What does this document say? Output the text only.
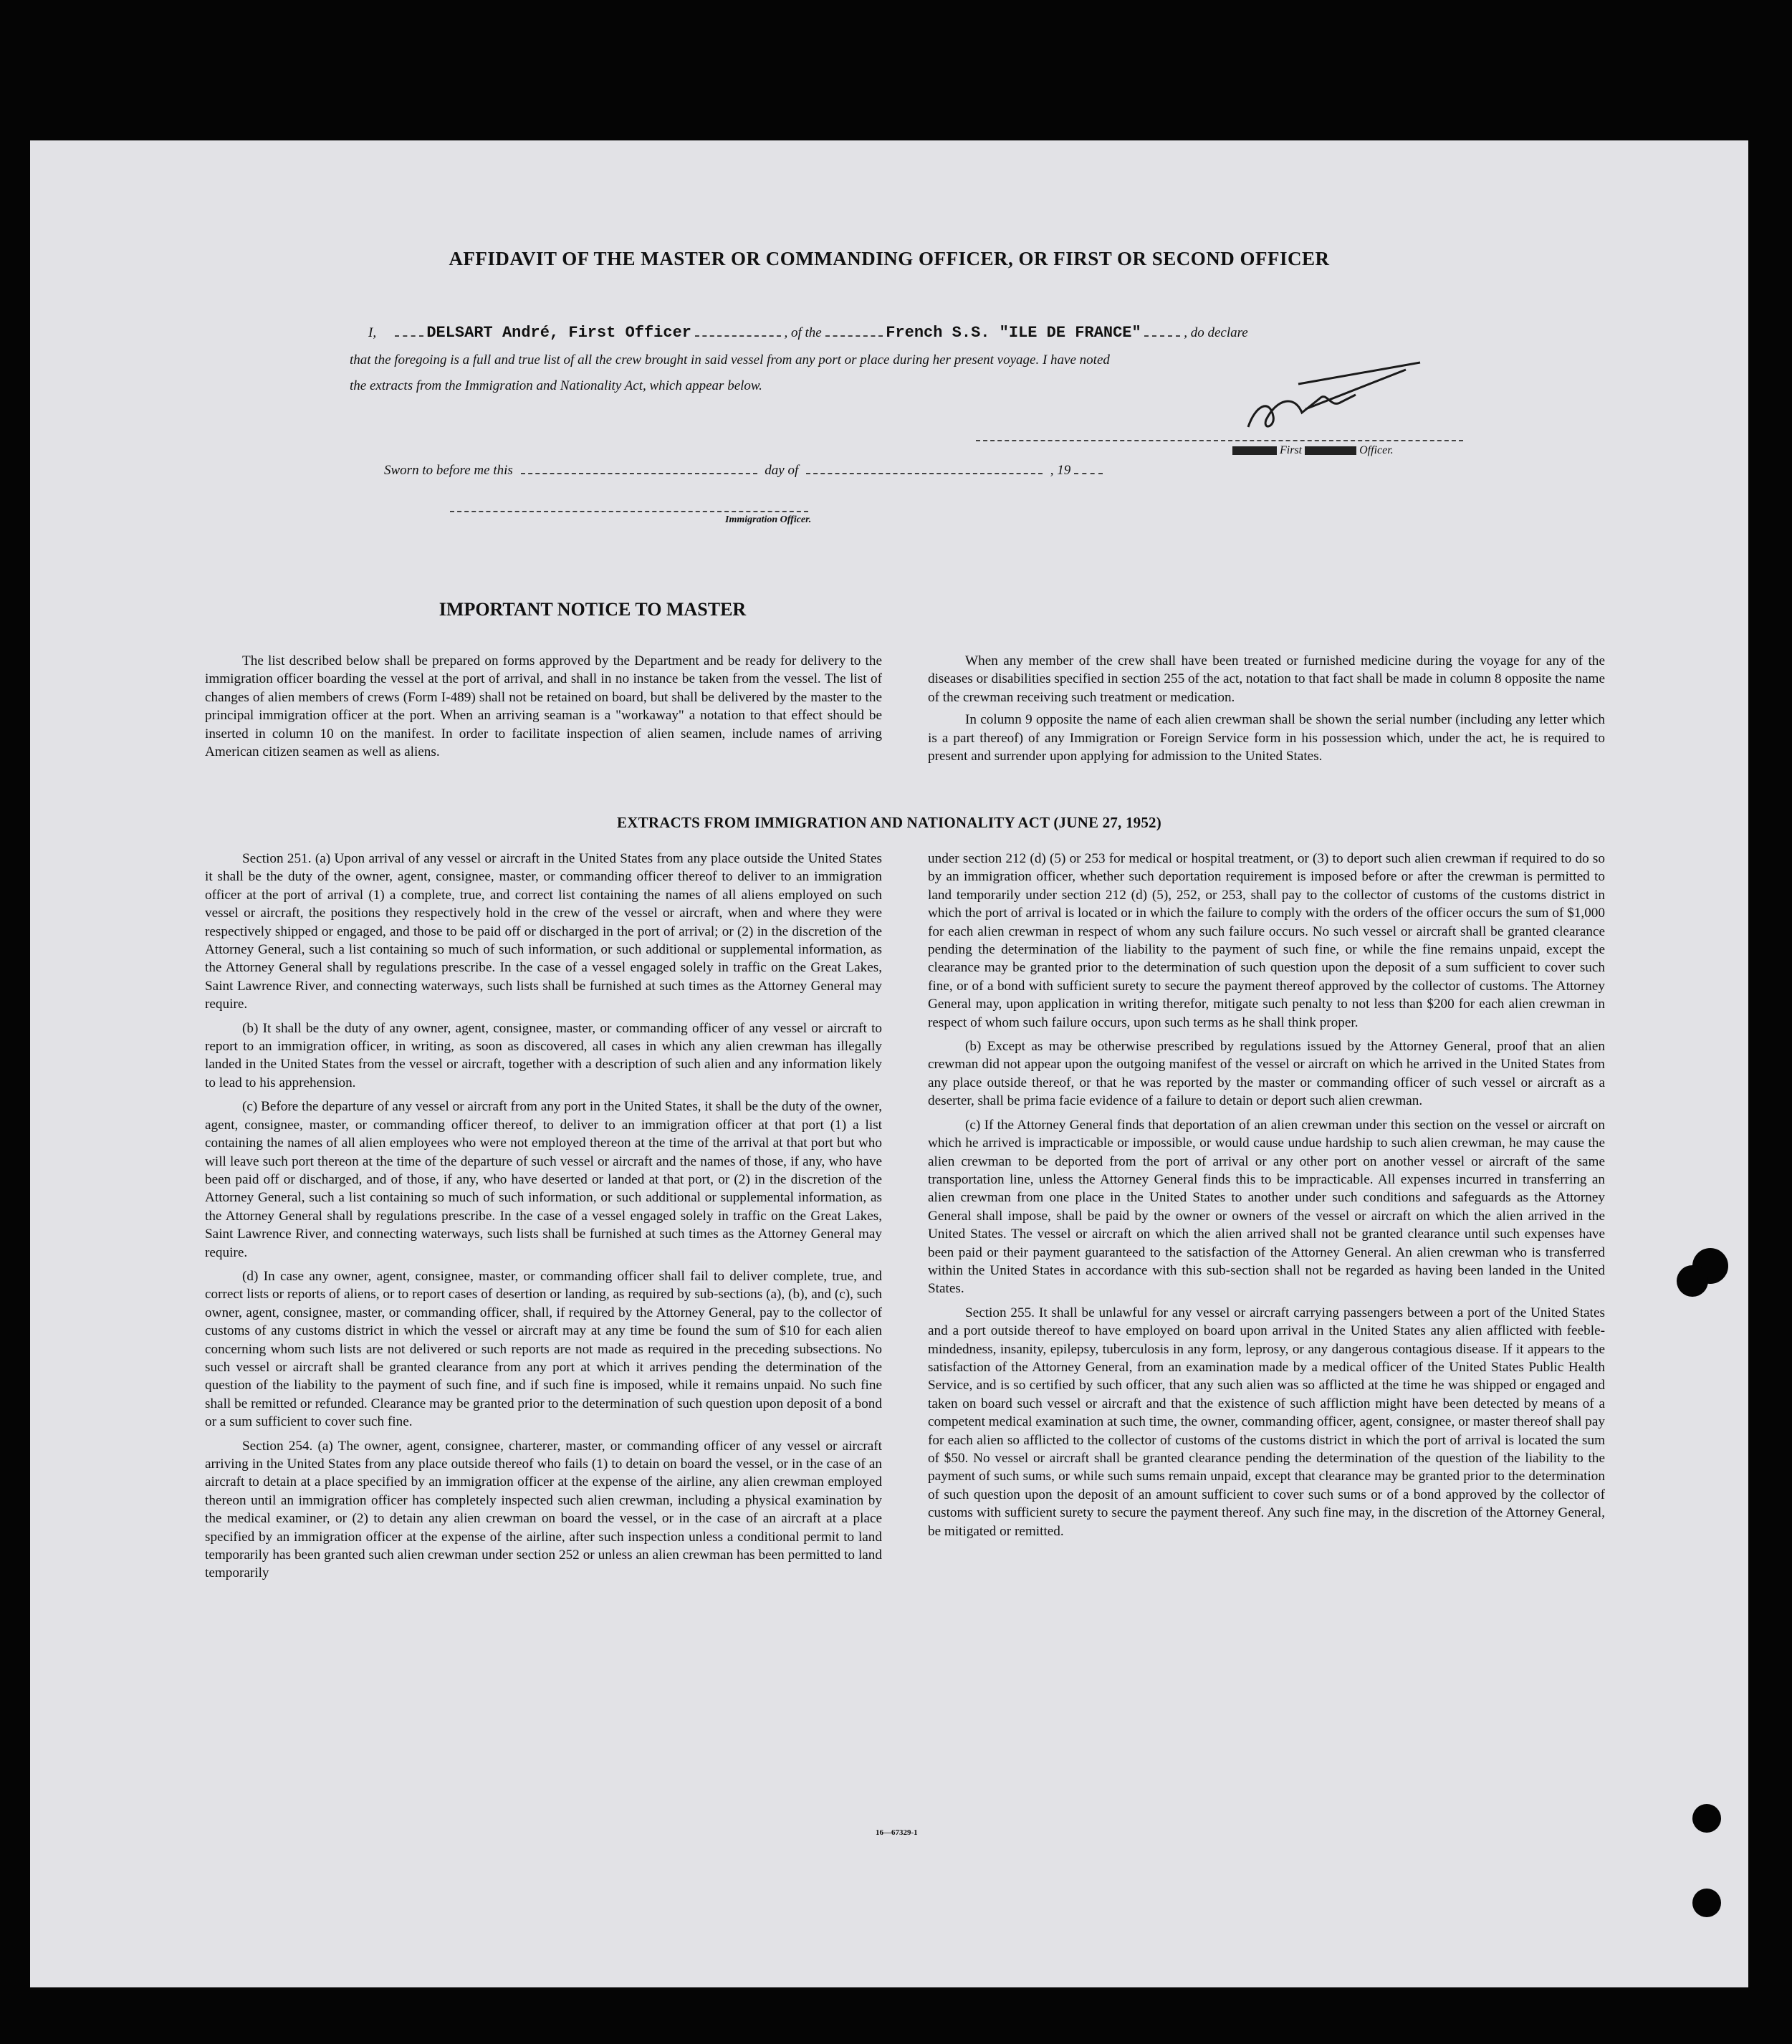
AFFIDAVIT OF THE MASTER OR COMMANDING OFFICER, OR FIRST OR SECOND OFFICER
I,	DELSART André, First Officer	, of the	French S.S. "ILE DE FRANCE"	, do declare
that the foregoing is a full and true list of all the crew brought in said vessel from any port or place during her present voyage. I have noted
the extracts from the Immigration and Nationality Act, which appear below.
First	Officer.
Sworn to before me this	day of	, 19
Immigration Officer.
IMPORTANT NOTICE TO MASTER

The list described below shall be prepared on forms approved by the Department and be ready for delivery to the immigration officer boarding the vessel at the port of arrival, and shall in no instance be taken from the vessel. The list of changes of alien members of crews (Form I-489) shall not be retained on board, but shall be delivered by the master to the principal immigration officer at the port. When an arriving seaman is a "workaway" a notation to that effect should be inserted in column 10 on the manifest. In order to facilitate inspection of alien seamen, include names of arriving American citizen seamen as well as aliens.

When any member of the crew shall have been treated or furnished medicine during the voyage for any of the diseases or disabilities specified in section 255 of the act, notation to that fact shall be made in column 8 opposite the name of the crewman receiving such treatment or medication.

In column 9 opposite the name of each alien crewman shall be shown the serial number (including any letter which is a part thereof) of any Immigration or Foreign Service form in his possession which, under the act, he is required to present and surrender upon applying for admission to the United States.

EXTRACTS FROM IMMIGRATION AND NATIONALITY ACT (JUNE 27, 1952)

Section 251. (a) Upon arrival of any vessel or aircraft in the United States from any place outside the United States it shall be the duty of the owner, agent, consignee, master, or commanding officer thereof to deliver to an immigration officer at the port of arrival (1) a complete, true, and correct list containing the names of all aliens employed on such vessel or aircraft, the positions they respectively hold in the crew of the vessel or aircraft, when and where they were respectively shipped or engaged, and those to be paid off or discharged in the port of arrival; or (2) in the discretion of the Attorney General, such a list containing so much of such information, or such additional or supplemental information, as the Attorney General shall by regulations prescribe. In the case of a vessel engaged solely in traffic on the Great Lakes, Saint Lawrence River, and connecting waterways, such lists shall be furnished at such times as the Attorney General may require.

(b) It shall be the duty of any owner, agent, consignee, master, or commanding officer of any vessel or aircraft to report to an immigration officer, in writing, as soon as discovered, all cases in which any alien crewman has illegally landed in the United States from the vessel or aircraft, together with a description of such alien and any information likely to lead to his apprehension.

(c) Before the departure of any vessel or aircraft from any port in the United States, it shall be the duty of the owner, agent, consignee, master, or commanding officer thereof, to deliver to an immigration officer at that port (1) a list containing the names of all alien employees who were not employed thereon at the time of the arrival at that port but who will leave such port thereon at the time of the departure of such vessel or aircraft and the names of those, if any, who have been paid off or discharged, and of those, if any, who have deserted or landed at that port, or (2) in the discretion of the Attorney General, such a list containing so much of such information, or such additional or supplemental information, as the Attorney General shall by regulations prescribe. In the case of a vessel engaged solely in traffic on the Great Lakes, Saint Lawrence River, and connecting waterways, such lists shall be furnished at such times as the Attorney General may require.

(d) In case any owner, agent, consignee, master, or commanding officer shall fail to deliver complete, true, and correct lists or reports of aliens, or to report cases of desertion or landing, as required by sub-sections (a), (b), and (c), such owner, agent, consignee, master, or commanding officer, shall, if required by the Attorney General, pay to the collector of customs of any customs district in which the vessel or aircraft may at any time be found the sum of $10 for each alien concerning whom such lists are not delivered or such reports are not made as required in the preceding subsections. No such vessel or aircraft shall be granted clearance from any port at which it arrives pending the determination of the question of the liability to the payment of such fine, and if such fine is imposed, while it remains unpaid. No such fine shall be remitted or refunded. Clearance may be granted prior to the determination of such question upon deposit of a bond or a sum sufficient to cover such fine.

Section 254. (a) The owner, agent, consignee, charterer, master, or commanding officer of any vessel or aircraft arriving in the United States from any place outside thereof who fails (1) to detain on board the vessel, or in the case of an aircraft to detain at a place specified by an immigration officer at the expense of the airline, any alien crewman employed thereon until an immigration officer has completely inspected such alien crewman, including a physical examination by the medical examiner, or (2) to detain any alien crewman on board the vessel, or in the case of an aircraft at a place specified by an immigration officer at the expense of the airline, after such inspection unless a conditional permit to land temporarily has been granted such alien crewman under section 252 or unless an alien crewman has been permitted to land temporarily

under section 212 (d) (5) or 253 for medical or hospital treatment, or (3) to deport such alien crewman if required to do so by an immigration officer, whether such deportation requirement is imposed before or after the crewman is permitted to land temporarily under section 212 (d) (5), 252, or 253, shall pay to the collector of customs of the customs district in which the port of arrival is located or in which the failure to comply with the orders of the officer occurs the sum of $1,000 for each alien crewman in respect of whom any such failure occurs. No such vessel or aircraft shall be granted clearance pending the determination of the liability to the payment of such fine, or while the fine remains unpaid, except the clearance may be granted prior to the determination of such question upon the deposit of a sum sufficient to cover such fine, or of a bond with sufficient surety to secure the payment thereof approved by the collector of customs. The Attorney General may, upon application in writing therefor, mitigate such penalty to not less than $200 for each alien crewman in respect of whom such failure occurs, upon such terms as he shall think proper.

(b) Except as may be otherwise prescribed by regulations issued by the Attorney General, proof that an alien crewman did not appear upon the outgoing manifest of the vessel or aircraft on which he arrived in the United States from any place outside thereof, or that he was reported by the master or commanding officer of such vessel or aircraft as a deserter, shall be prima facie evidence of a failure to detain or deport such alien crewman.

(c) If the Attorney General finds that deportation of an alien crewman under this section on the vessel or aircraft on which he arrived is impracticable or impossible, or would cause undue hardship to such alien crewman, he may cause the alien crewman to be deported from the port of arrival or any other port on another vessel or aircraft of the same transportation line, unless the Attorney General finds this to be impracticable. All expenses incurred in transferring an alien crewman from one place in the United States to another under such conditions and safeguards as the Attorney General shall impose, shall be paid by the owner or owners of the vessel or aircraft on which the alien arrived in the United States. The vessel or aircraft on which the alien arrived shall not be granted clearance until such expenses have been paid or their payment guaranteed to the satisfaction of the Attorney General. An alien crewman who is transferred within the United States in accordance with this sub-section shall not be regarded as having been landed in the United States.

Section 255. It shall be unlawful for any vessel or aircraft carrying passengers between a port of the United States and a port outside thereof to have employed on board upon arrival in the United States any alien afflicted with feeble-mindedness, insanity, epilepsy, tuberculosis in any form, leprosy, or any dangerous contagious disease. If it appears to the satisfaction of the Attorney General, from an examination made by a medical officer of the United States Public Health Service, and is so certified by such officer, that any such alien was so afflicted at the time he was shipped or engaged and taken on board such vessel or aircraft and that the existence of such affliction might have been detected by means of a competent medical examination at such time, the owner, commanding officer, agent, consignee, or master thereof shall pay for each alien so afflicted to the collector of customs of the customs district in which the port of arrival is located the sum of $50. No vessel or aircraft shall be granted clearance pending the determination of the question of the liability to the payment of such sums, or while such sums remain unpaid, except that clearance may be granted prior to the determination of such question upon the deposit of an amount sufficient to cover such sums or of a bond approved by the collector of customs with sufficient surety to secure the payment thereof. Any such fine may, in the discretion of the Attorney General, be mitigated or remitted.

16—67329-1
